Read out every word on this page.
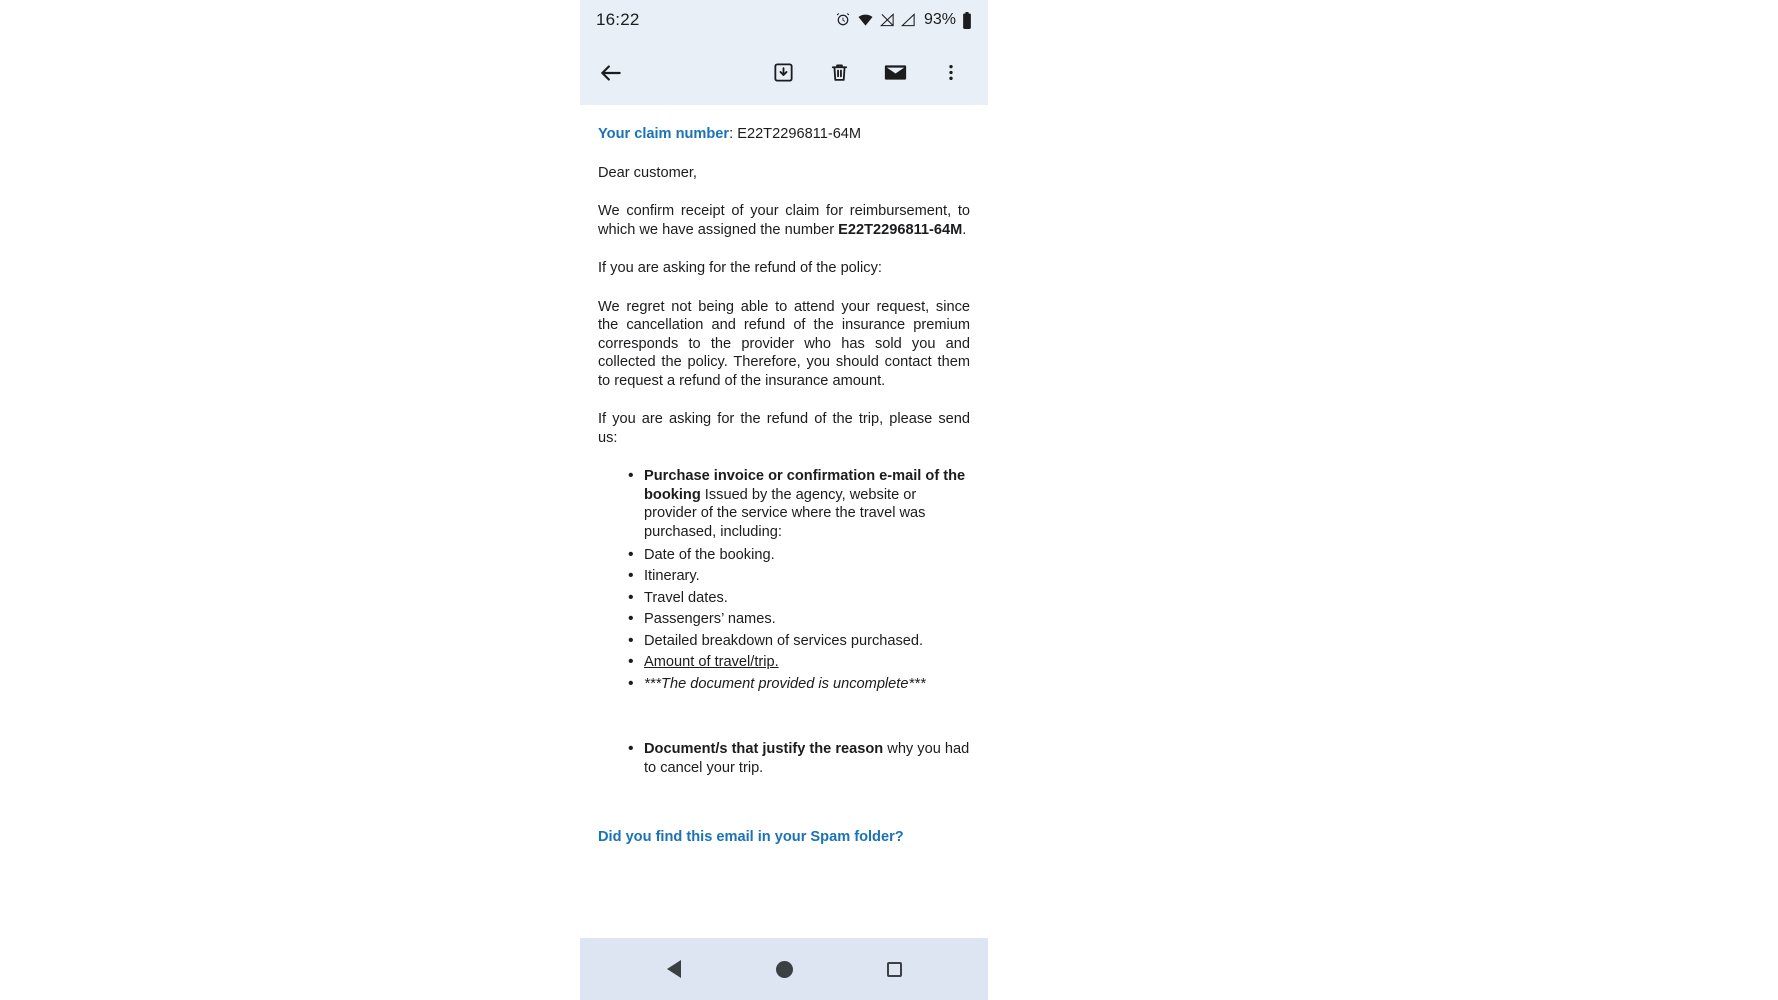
16:22	93%
Your claim number: E22T2296811-64M

Dear customer,

We confirm receipt of your claim for reimbursement, to which we have assigned the number E22T2296811-64M.

If you are asking for the refund of the policy:

We regret not being able to attend your request, since the cancellation and refund of the insurance premium corresponds to the provider who has sold you and collected the policy. Therefore, you should contact them to request a refund of the insurance amount.

If you are asking for the refund of the trip, please send us:

• Purchase invoice or confirmation e-mail of the booking Issued by the agency, website or provider of the service where the travel was purchased, including:
• Date of the booking.
• Itinerary.
• Travel dates.
• Passengers’ names.
• Detailed breakdown of services purchased.
• Amount of travel/trip.
• ***The document provided is uncomplete***
• Document/s that justify the reason why you had to cancel your trip.
Did you find this email in your Spam folder?
